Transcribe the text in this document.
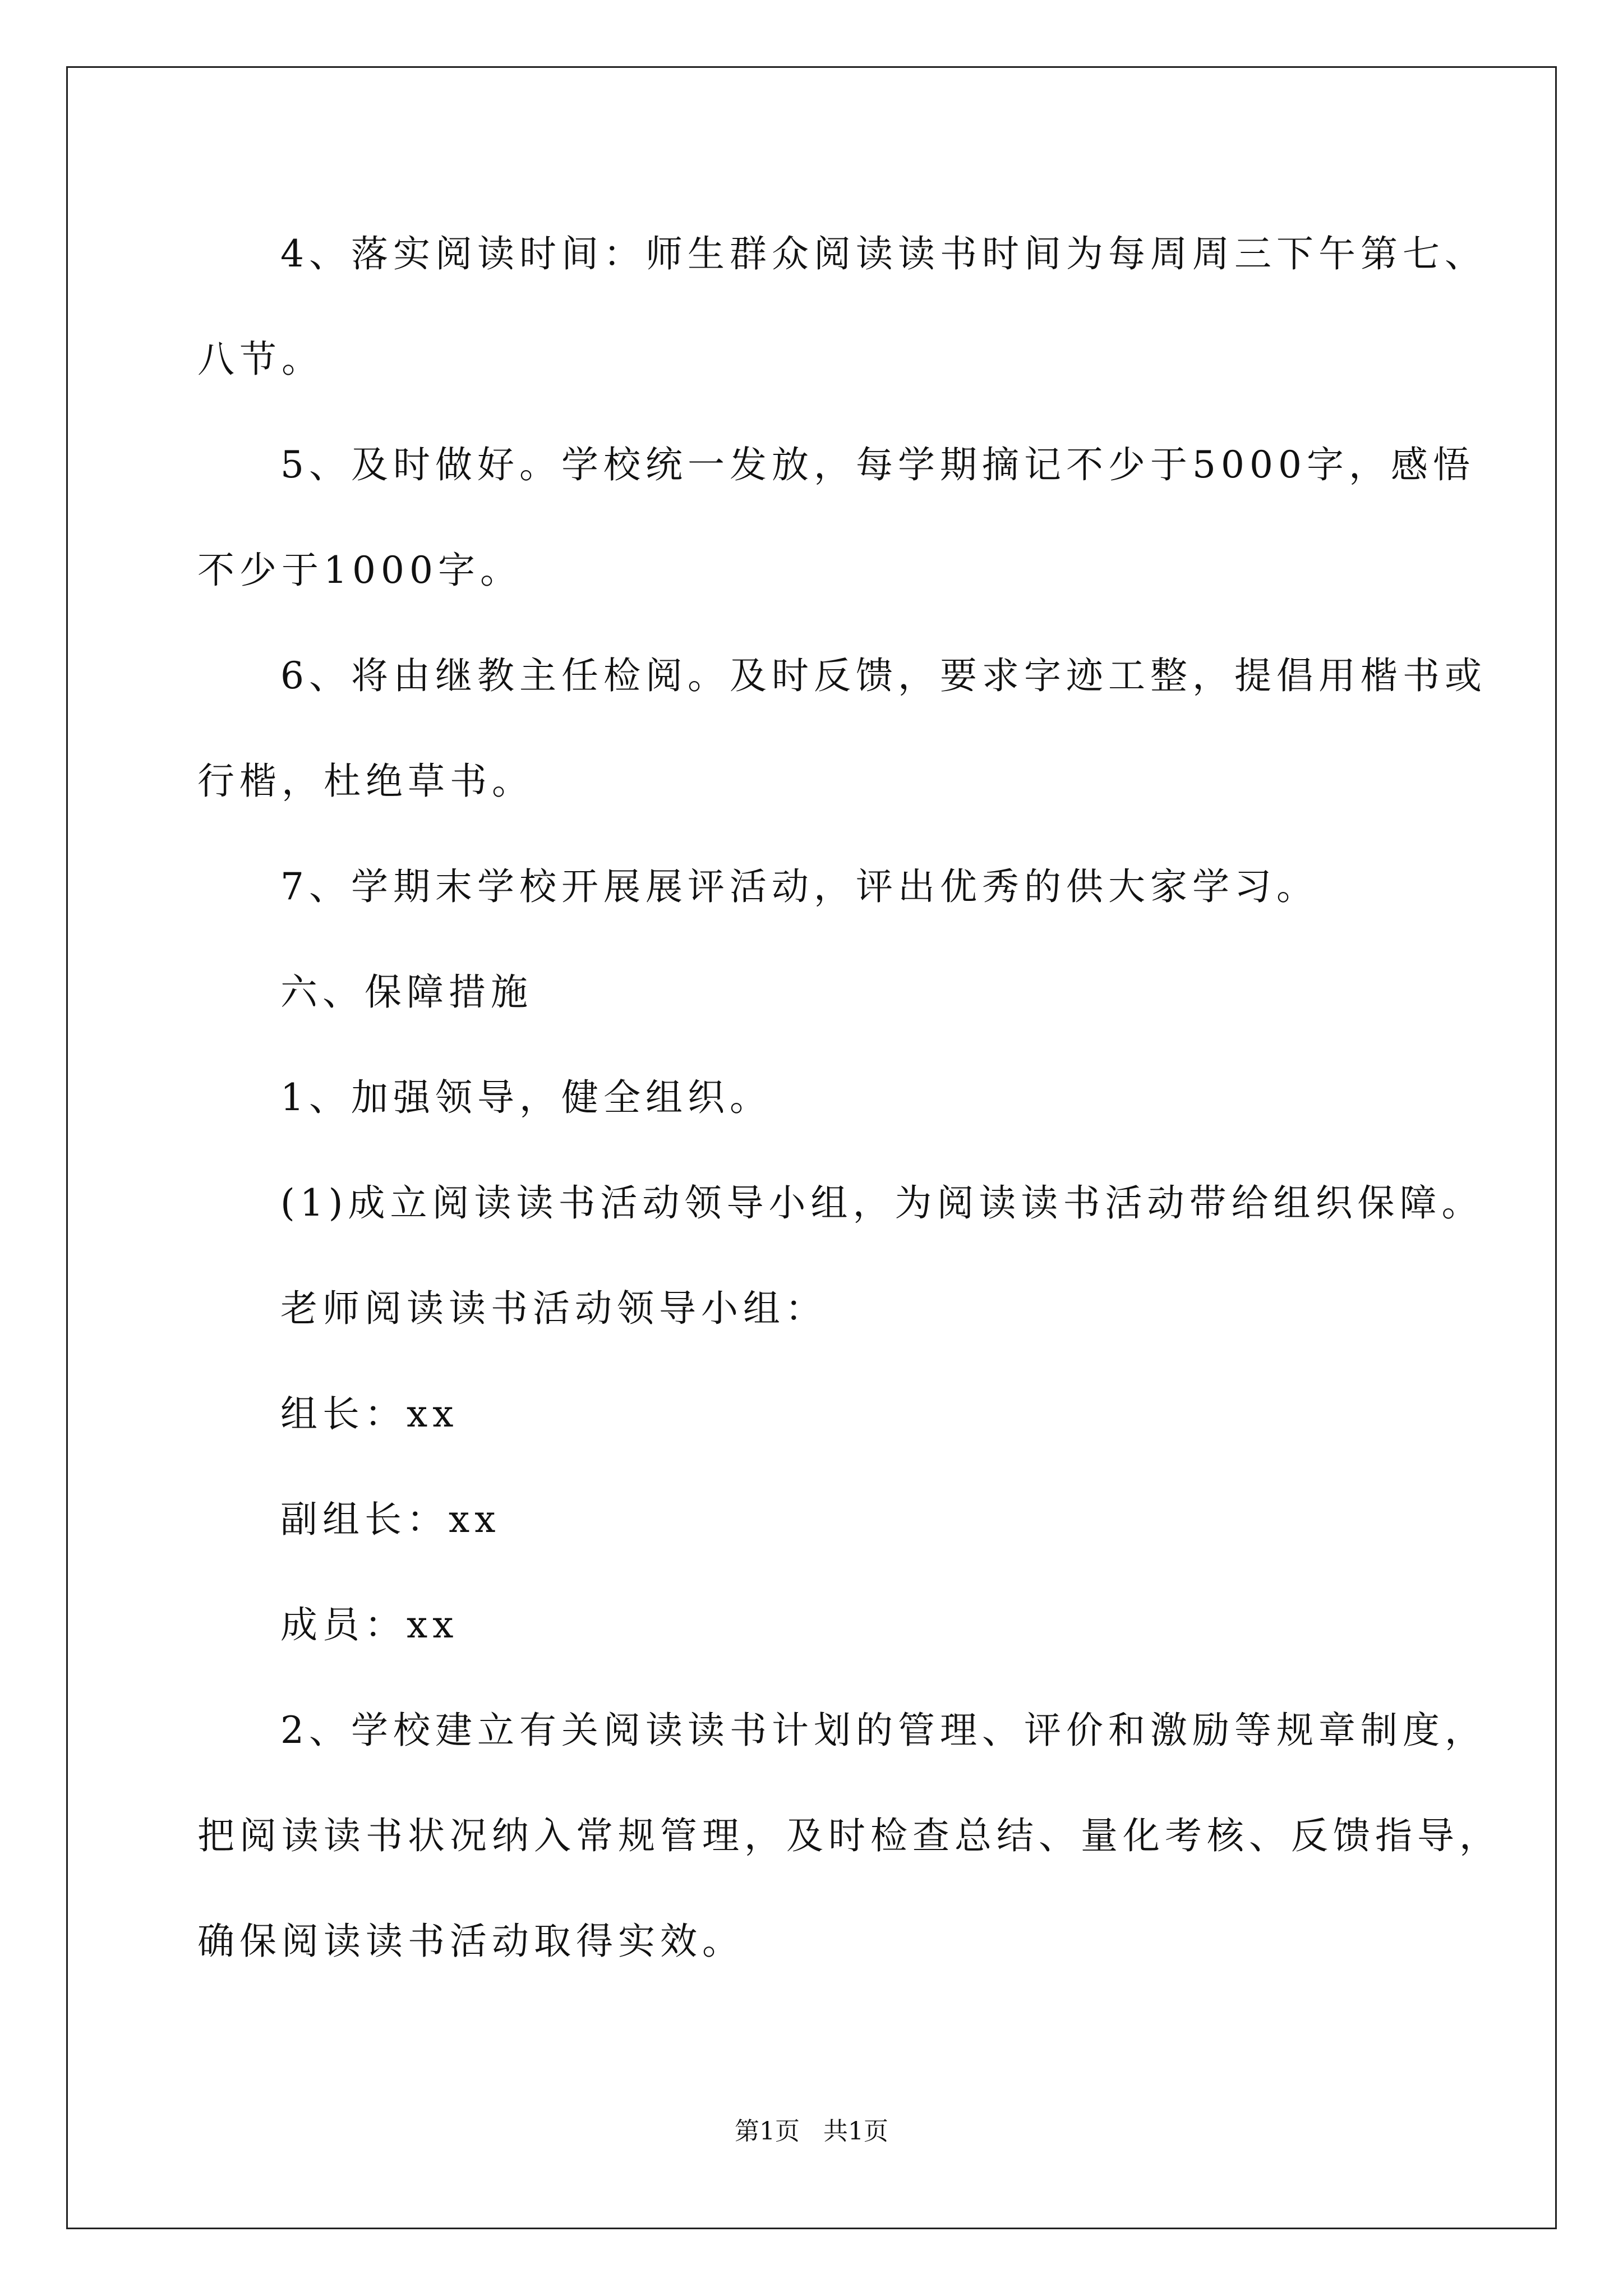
4、落实阅读时间：师生群众阅读读书时间为每周周三下午第七、
八节。
5、及时做好。学校统一发放，每学期摘记不少于5000字，感悟
不少于1000字。
6、将由继教主任检阅。及时反馈，要求字迹工整，提倡用楷书或
行楷，杜绝草书。
7、学期末学校开展展评活动，评出优秀的供大家学习。
六、保障措施
1、加强领导，健全组织。
(1)成立阅读读书活动领导小组，为阅读读书活动带给组织保障。
老师阅读读书活动领导小组：
组长：xx
副组长：xx
成员：xx
2、学校建立有关阅读读书计划的管理、评价和激励等规章制度，
把阅读读书状况纳入常规管理，及时检查总结、量化考核、反馈指导，
确保阅读读书活动取得实效。
第1页   共1页
